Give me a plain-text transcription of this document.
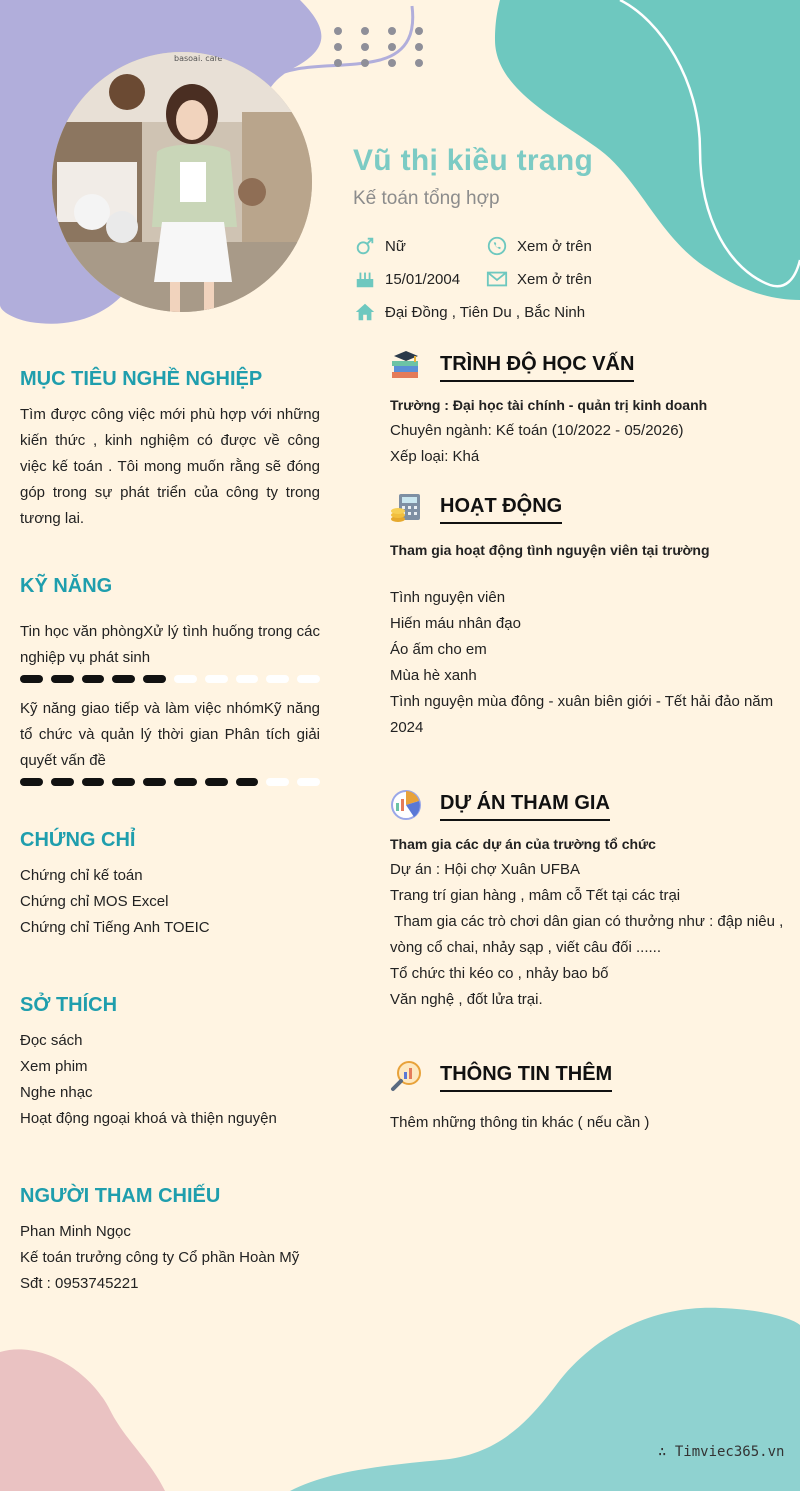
basoai. cafe
Vũ thị kiều trang
Kế toán tổng hợp
Nữ	Xem ở trên
15/01/2004	Xem ở trên
Đại Đồng , Tiên Du , Bắc Ninh
MỤC TIÊU NGHỀ NGHIỆP
Tìm được công việc mới phù hợp với những kiến thức , kinh nghiệm có được về công việc kế toán . Tôi mong muốn rằng sẽ đóng góp trong sự phát triển của công ty trong tương lai.
KỸ NĂNG
Tin học văn phòngXử lý tình huống trong các nghiệp vụ phát sinh
Kỹ năng giao tiếp và làm việc nhómKỹ năng tổ chức và quản lý thời gian Phân tích giải quyết vấn đề
CHỨNG CHỈ
Chứng chỉ kế toán
Chứng chỉ MOS Excel
Chứng chỉ Tiếng Anh TOEIC
SỞ THÍCH
Đọc sách
Xem phim
Nghe nhạc
Hoạt động ngoại khoá và thiện nguyện
NGƯỜI THAM CHIẾU
Phan Minh Ngọc
Kế toán trưởng công ty Cổ phần Hoàn Mỹ
Sđt : 0953745221
TRÌNH ĐỘ HỌC VẤN
Trường : Đại học tài chính - quản trị kinh doanh
Chuyên ngành: Kế toán (10/2022 - 05/2026)
Xếp loại: Khá
HOẠT ĐỘNG
Tham gia hoạt động tình nguyện viên tại trường
Tình nguyện viên
Hiến máu nhân đạo
Áo ấm cho em
Mùa hè xanh
Tình nguyện mùa đông - xuân biên giới - Tết hải đảo năm 2024
DỰ ÁN THAM GIA
Tham gia các dự án của trường tổ chức
Dự án : Hội chợ Xuân UFBA
Trang trí gian hàng , mâm cỗ Tết tại các trại
Tham gia các trò chơi dân gian có thưởng như : đập niêu , vòng cổ chai, nhảy sạp , viết câu đối ......
Tổ chức thi kéo co , nhảy bao bố
Văn nghệ , đốt lửa trại.
THÔNG TIN THÊM
Thêm những thông tin khác ( nếu cần )
∴ Timviec365.vn
